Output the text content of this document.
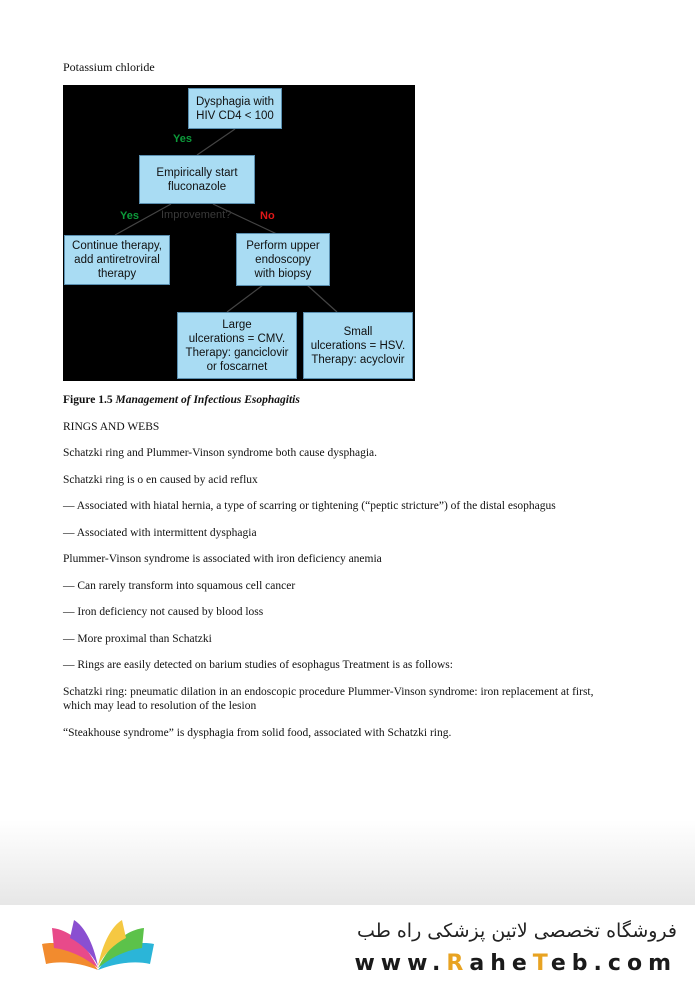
Potassium chloride
Dysphagia with
HIV CD4 < 100
Empirically start
fluconazole
Continue therapy,
add antiretroviral
therapy
Perform upper
endoscopy
with biopsy
Large
ulcerations = CMV.
Therapy: ganciclovir
or foscarnet
Small
ulcerations = HSV.
Therapy: acyclovir
Yes
Improvement?
Yes	No
Figure 1.5 Management of Infectious Esophagitis
RINGS AND WEBS
Schatzki ring and Plummer-Vinson syndrome both cause dysphagia.
Schatzki ring is o en caused by acid reflux
— Associated with hiatal hernia, a type of scarring or tightening (“peptic stricture”) of the distal esophagus
— Associated with intermittent dysphagia
Plummer-Vinson syndrome is associated with iron deficiency anemia
— Can rarely transform into squamous cell cancer
— Iron deficiency not caused by blood loss
— More proximal than Schatzki
— Rings are easily detected on barium studies of esophagus Treatment is as follows:
Schatzki ring: pneumatic dilation in an endoscopic procedure Plummer-Vinson syndrome: iron replacement at first, which may lead to resolution of the lesion
“Steakhouse syndrome” is dysphagia from solid food, associated with Schatzki ring.
فروشگاه تخصصی لاتین پزشکی راه طب
www.RaheTeb.com
